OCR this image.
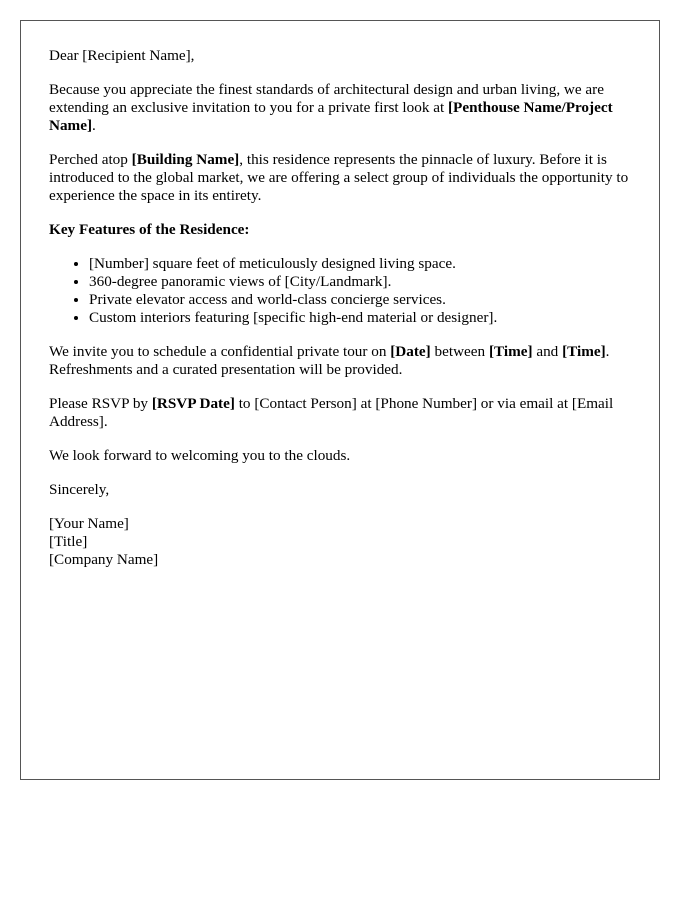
Dear [Recipient Name],

Because you appreciate the finest standards of architectural design and urban living, we are extending an exclusive invitation to you for a private first look at [Penthouse Name/Project Name].

Perched atop [Building Name], this residence represents the pinnacle of luxury. Before it is introduced to the global market, we are offering a select group of individuals the opportunity to experience the space in its entirety.

Key Features of the Residence:

• [Number] square feet of meticulously designed living space.
• 360-degree panoramic views of [City/Landmark].
• Private elevator access and world-class concierge services.
• Custom interiors featuring [specific high-end material or designer].

We invite you to schedule a confidential private tour on [Date] between [Time] and [Time]. Refreshments and a curated presentation will be provided.

Please RSVP by [RSVP Date] to [Contact Person] at [Phone Number] or via email at [Email Address].

We look forward to welcoming you to the clouds.

Sincerely,

[Your Name]
[Title]
[Company Name]
